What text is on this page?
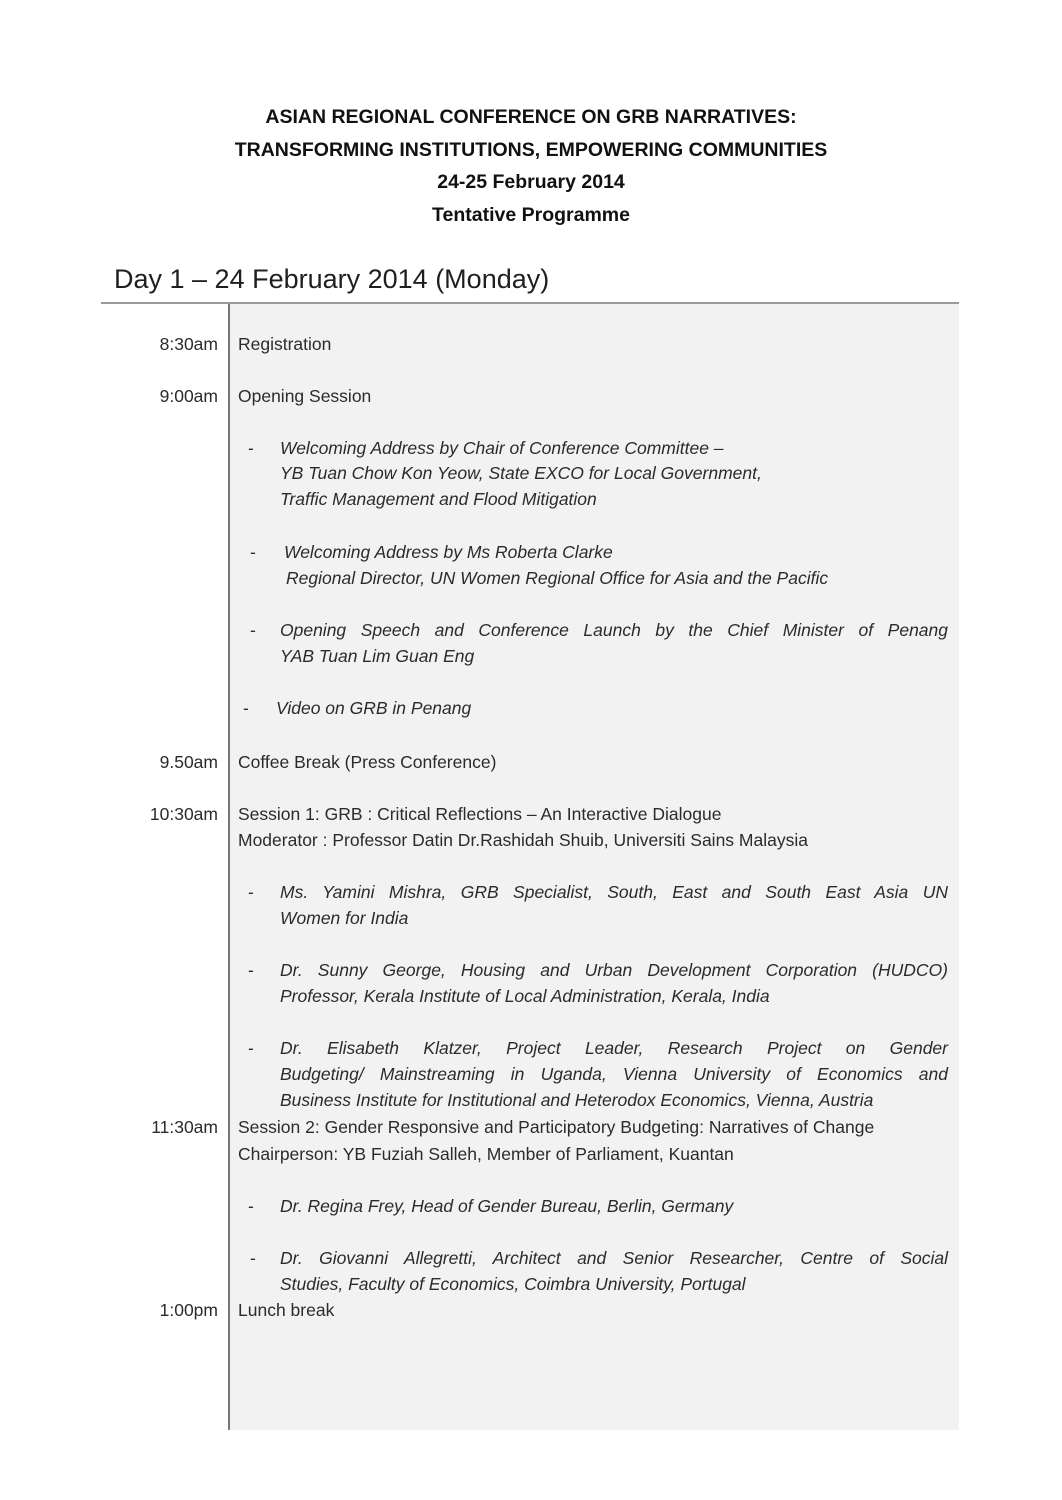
ASIAN REGIONAL CONFERENCE ON GRB NARRATIVES:
TRANSFORMING INSTITUTIONS, EMPOWERING COMMUNITIES
24-25 February 2014
Tentative Programme
Day 1 – 24 February 2014 (Monday)
8:30am Registration
9:00am Opening Session
- Welcoming Address by Chair of Conference Committee –
YB Tuan Chow Kon Yeow, State EXCO for Local Government,
Traffic Management and Flood Mitigation
- Welcoming Address by Ms Roberta Clarke
Regional Director, UN Women Regional Office for Asia and the Pacific
- Opening Speech and Conference Launch by the Chief Minister of Penang
YAB Tuan Lim Guan Eng
- Video on GRB in Penang
9.50am Coffee Break (Press Conference)
10:30am Session 1: GRB : Critical Reflections – An Interactive Dialogue
Moderator : Professor Datin Dr.Rashidah Shuib, Universiti Sains Malaysia
- Ms. Yamini Mishra, GRB Specialist, South, East and South East Asia UN
Women for India
- Dr. Sunny George, Housing and Urban Development Corporation (HUDCO)
Professor, Kerala Institute of Local Administration, Kerala, India
- Dr. Elisabeth Klatzer, Project Leader, Research Project on Gender
Budgeting/ Mainstreaming in Uganda, Vienna University of Economics and
Business Institute for Institutional and Heterodox Economics, Vienna, Austria
11:30am Session 2: Gender Responsive and Participatory Budgeting: Narratives of Change
Chairperson: YB Fuziah Salleh, Member of Parliament, Kuantan
- Dr. Regina Frey, Head of Gender Bureau, Berlin, Germany
- Dr. Giovanni Allegretti, Architect and Senior Researcher, Centre of Social
Studies, Faculty of Economics, Coimbra University, Portugal
1:00pm Lunch break
